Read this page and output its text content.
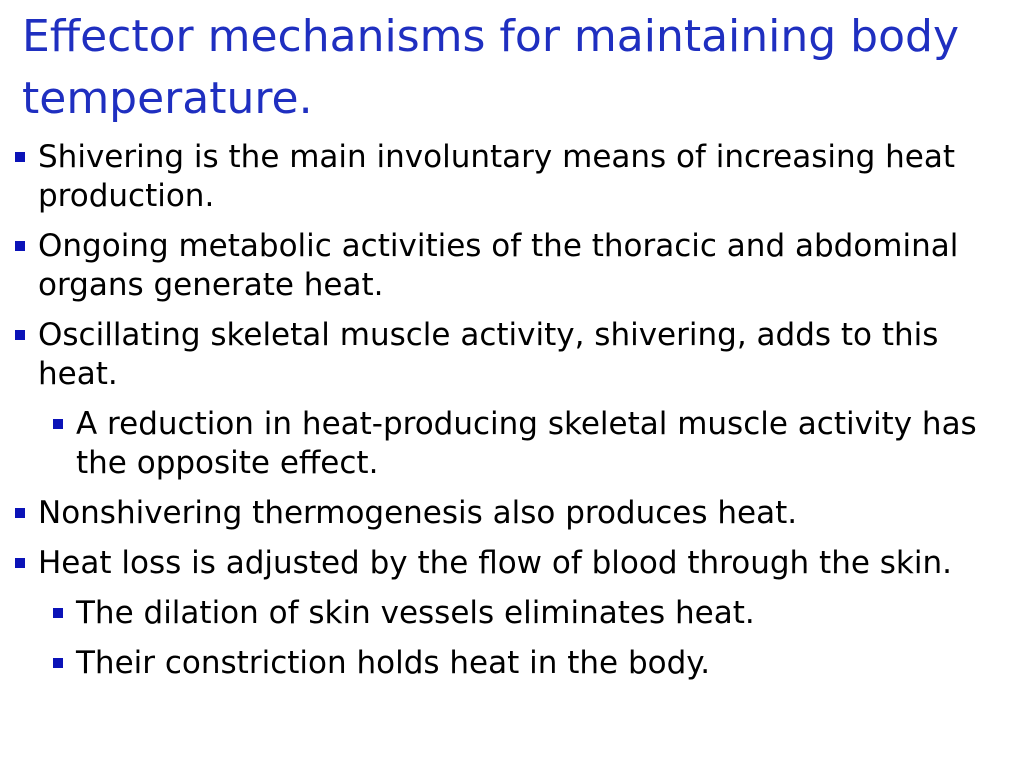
Effector mechanisms for maintaining body temperature.
Shivering is the main involuntary means of increasing heat production.
Ongoing metabolic activities of the thoracic and abdominal organs generate heat.
Oscillating skeletal muscle activity, shivering, adds to this heat.
A reduction in heat-producing skeletal muscle activity has the opposite effect.
Nonshivering thermogenesis also produces heat.
Heat loss is adjusted by the flow of blood through the skin.
The dilation of skin vessels eliminates heat.
Their constriction holds heat in the body.
